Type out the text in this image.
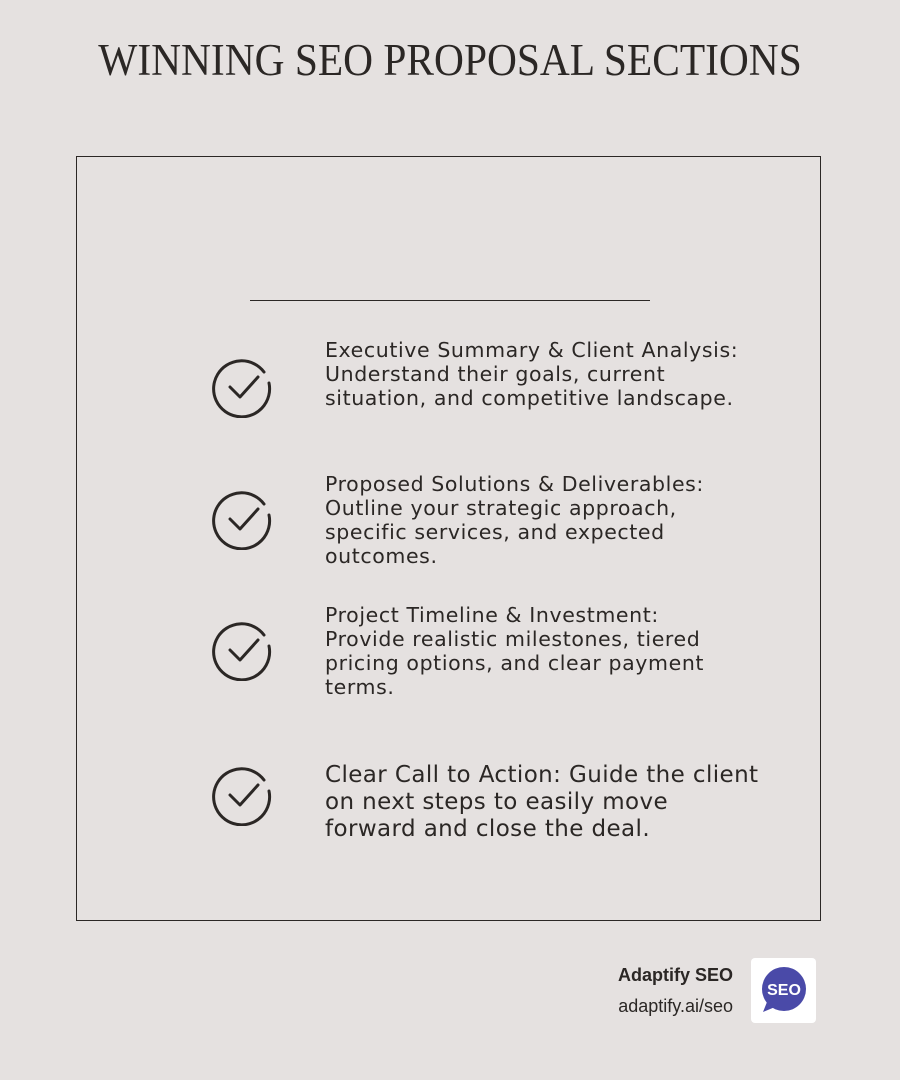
WINNING SEO PROPOSAL SECTIONS
Executive Summary & Client Analysis: Understand their goals, current situation, and competitive landscape.
Proposed Solutions & Deliverables: Outline your strategic approach, specific services, and expected outcomes.
Project Timeline & Investment: Provide realistic milestones, tiered pricing options, and clear payment terms.
Clear Call to Action: Guide the client on next steps to easily move forward and close the deal.
Adaptify SEO
adaptify.ai/seo
SEO
